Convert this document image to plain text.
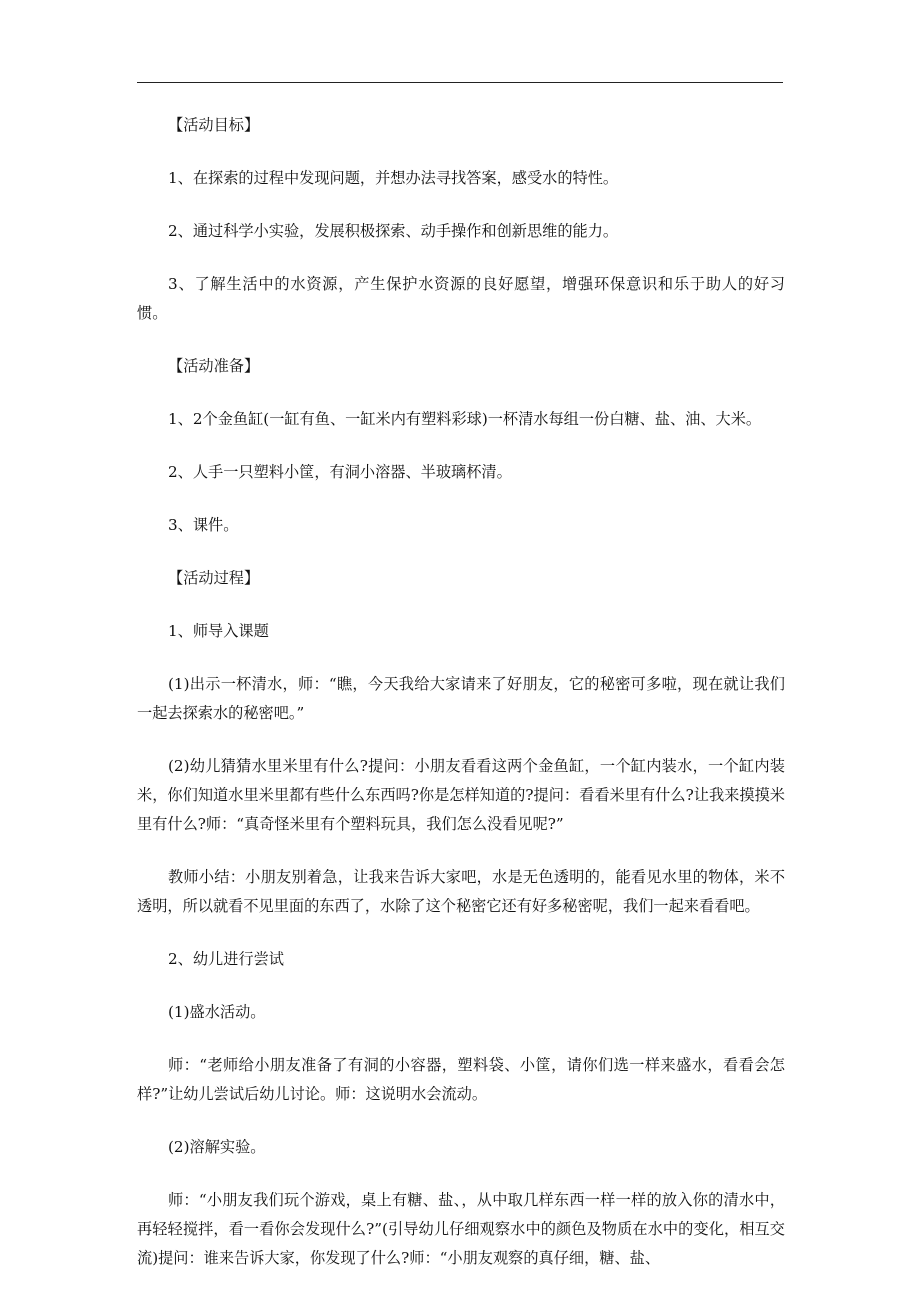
【活动目标】

1、在探索的过程中发现问题，并想办法寻找答案，感受水的特性。

2、通过科学小实验，发展积极探索、动手操作和创新思维的能力。

3、了解生活中的水资源，产生保护水资源的良好愿望，增强环保意识和乐于助人的好习惯。

【活动准备】

1、2个金鱼缸(一缸有鱼、一缸米内有塑料彩球)一杯清水每组一份白糖、盐、油、大米。

2、人手一只塑料小筐，有洞小溶器、半玻璃杯清。

3、课件。

【活动过程】

1、师导入课题

(1)出示一杯清水，师：“瞧，今天我给大家请来了好朋友，它的秘密可多啦，现在就让我们一起去探索水的秘密吧。”

(2)幼儿猜猜水里米里有什么?提问：小朋友看看这两个金鱼缸，一个缸内装水，一个缸内装米，你们知道水里米里都有些什么东西吗?你是怎样知道的?提问：看看米里有什么?让我来摸摸米里有什么?师：“真奇怪米里有个塑料玩具，我们怎么没看见呢?”

教师小结：小朋友别着急，让我来告诉大家吧，水是无色透明的，能看见水里的物体，米不透明，所以就看不见里面的东西了，水除了这个秘密它还有好多秘密呢，我们一起来看看吧。

2、幼儿进行尝试

(1)盛水活动。

师：“老师给小朋友准备了有洞的小容器，塑料袋、小筐，请你们选一样来盛水，看看会怎样?”让幼儿尝试后幼儿讨论。师：这说明水会流动。

(2)溶解实验。

师：“小朋友我们玩个游戏，桌上有糖、盐、，从中取几样东西一样一样的放入你的清水中，再轻轻搅拌，看一看你会发现什么?”(引导幼儿仔细观察水中的颜色及物质在水中的变化，相互交流)提问：谁来告诉大家，你发现了什么?师：“小朋友观察的真仔细，糖、盐、
